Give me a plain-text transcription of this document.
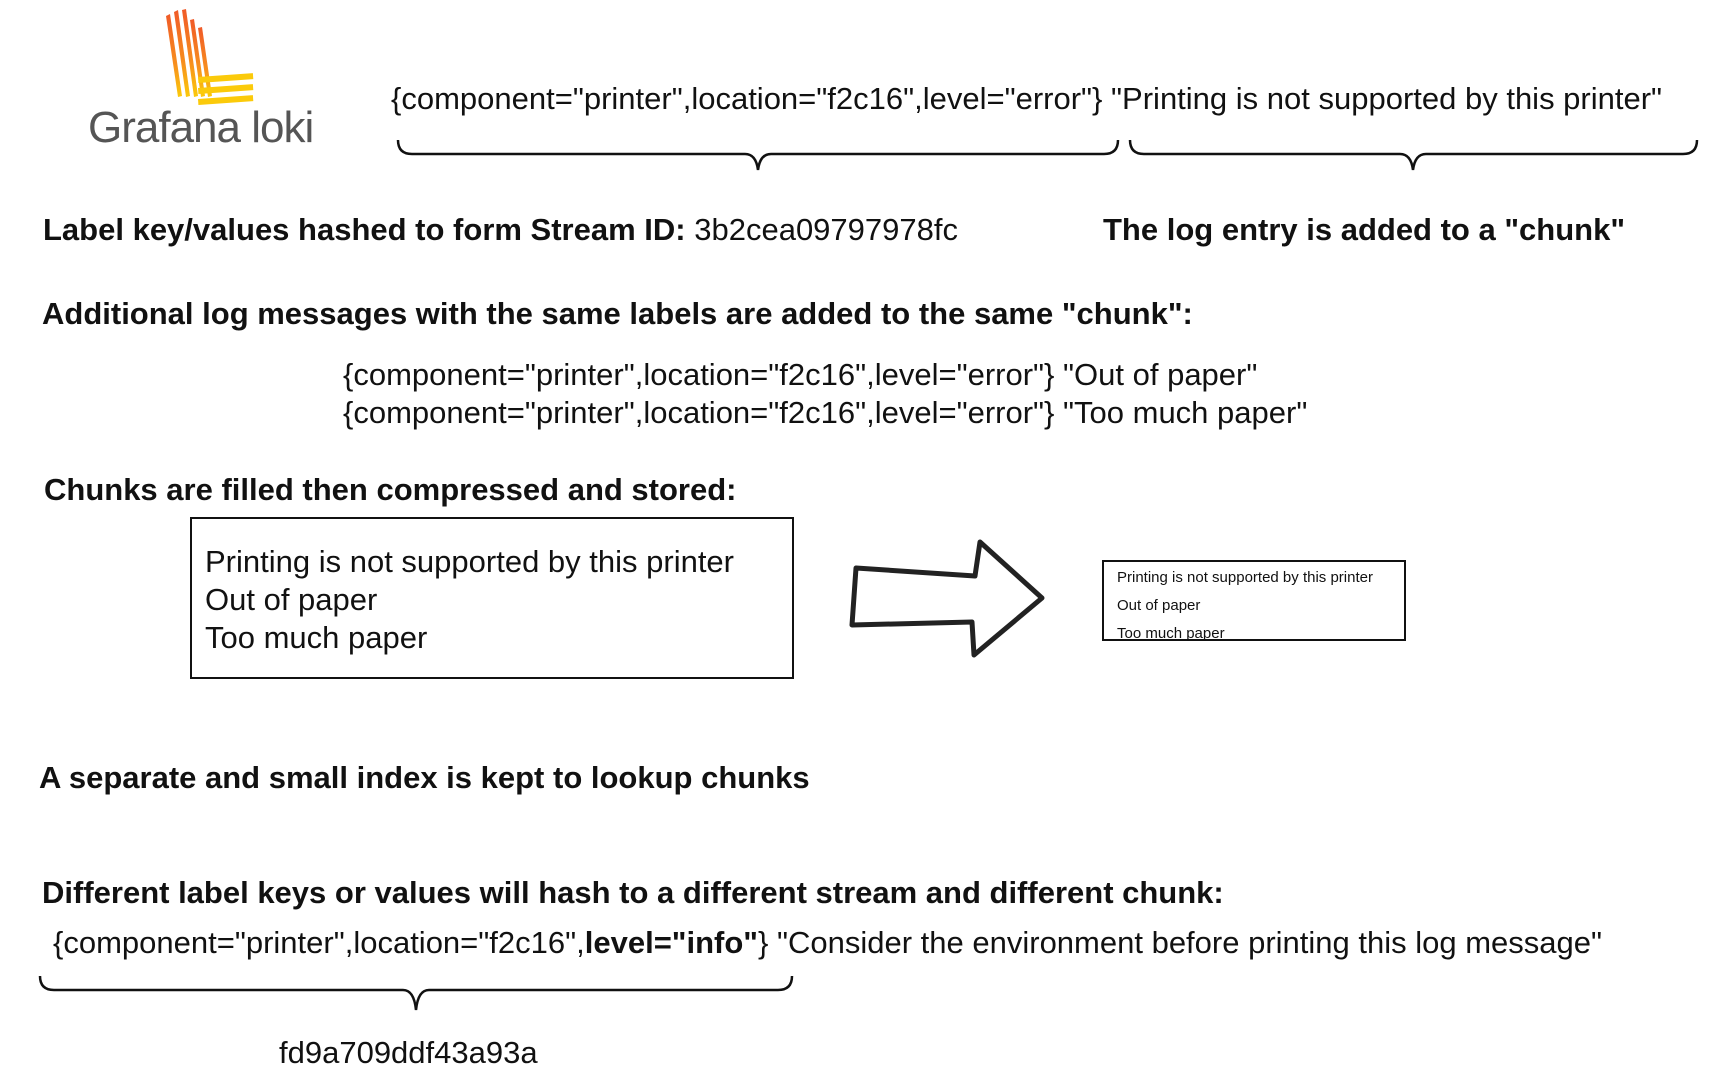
Grafana loki
{component="printer",location="f2c16",level="error"} "Printing is not supported by this printer"
Label key/values hashed to form Stream ID: 3b2cea09797978fc	The log entry is added to a "chunk"
Additional log messages with the same labels are added to the same "chunk":
{component="printer",location="f2c16",level="error"} "Out of paper"
{component="printer",location="f2c16",level="error"} "Too much paper"
Chunks are filled then compressed and stored:
Printing is not supported by this printer
Out of paper
Too much paper
Printing is not supported by this printer
Out of paper
Too much paper
A separate and small index is kept to lookup chunks
Different label keys or values will hash to a different stream and different chunk:
{component="printer",location="f2c16",level="info"} "Consider the environment before printing this log message"
fd9a709ddf43a93a
